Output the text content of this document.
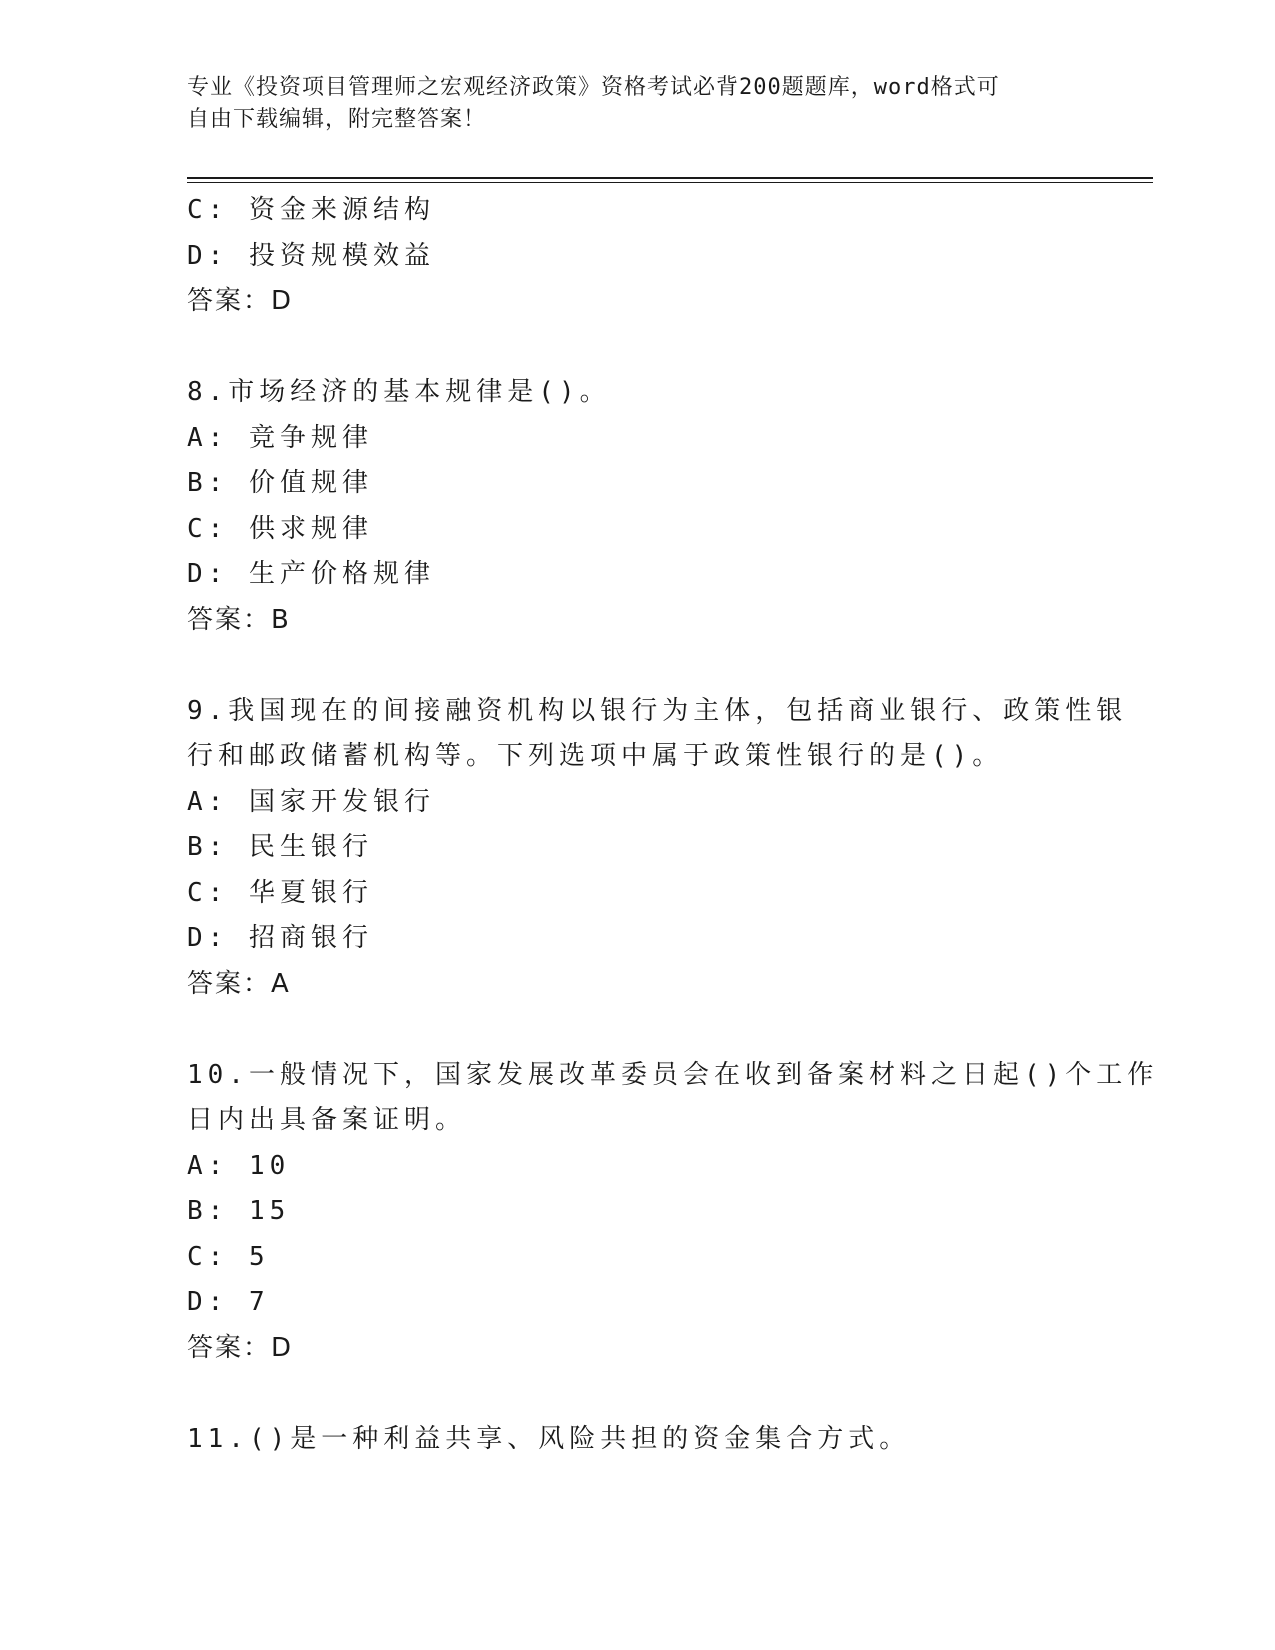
专业《投资项目管理师之宏观经济政策》资格考试必背200题题库，word格式可
自由下载编辑，附完整答案！
C: 资金来源结构
D: 投资规模效益
答案：D
8.市场经济的基本规律是()。
A: 竞争规律
B: 价值规律
C: 供求规律
D: 生产价格规律
答案：B
9.我国现在的间接融资机构以银行为主体，包括商业银行、政策性银
行和邮政储蓄机构等。下列选项中属于政策性银行的是()。
A: 国家开发银行
B: 民生银行
C: 华夏银行
D: 招商银行
答案：A
10.一般情况下，国家发展改革委员会在收到备案材料之日起()个工作
日内出具备案证明。
A: 10
B: 15
C: 5
D: 7
答案：D
11.()是一种利益共享、风险共担的资金集合方式。
